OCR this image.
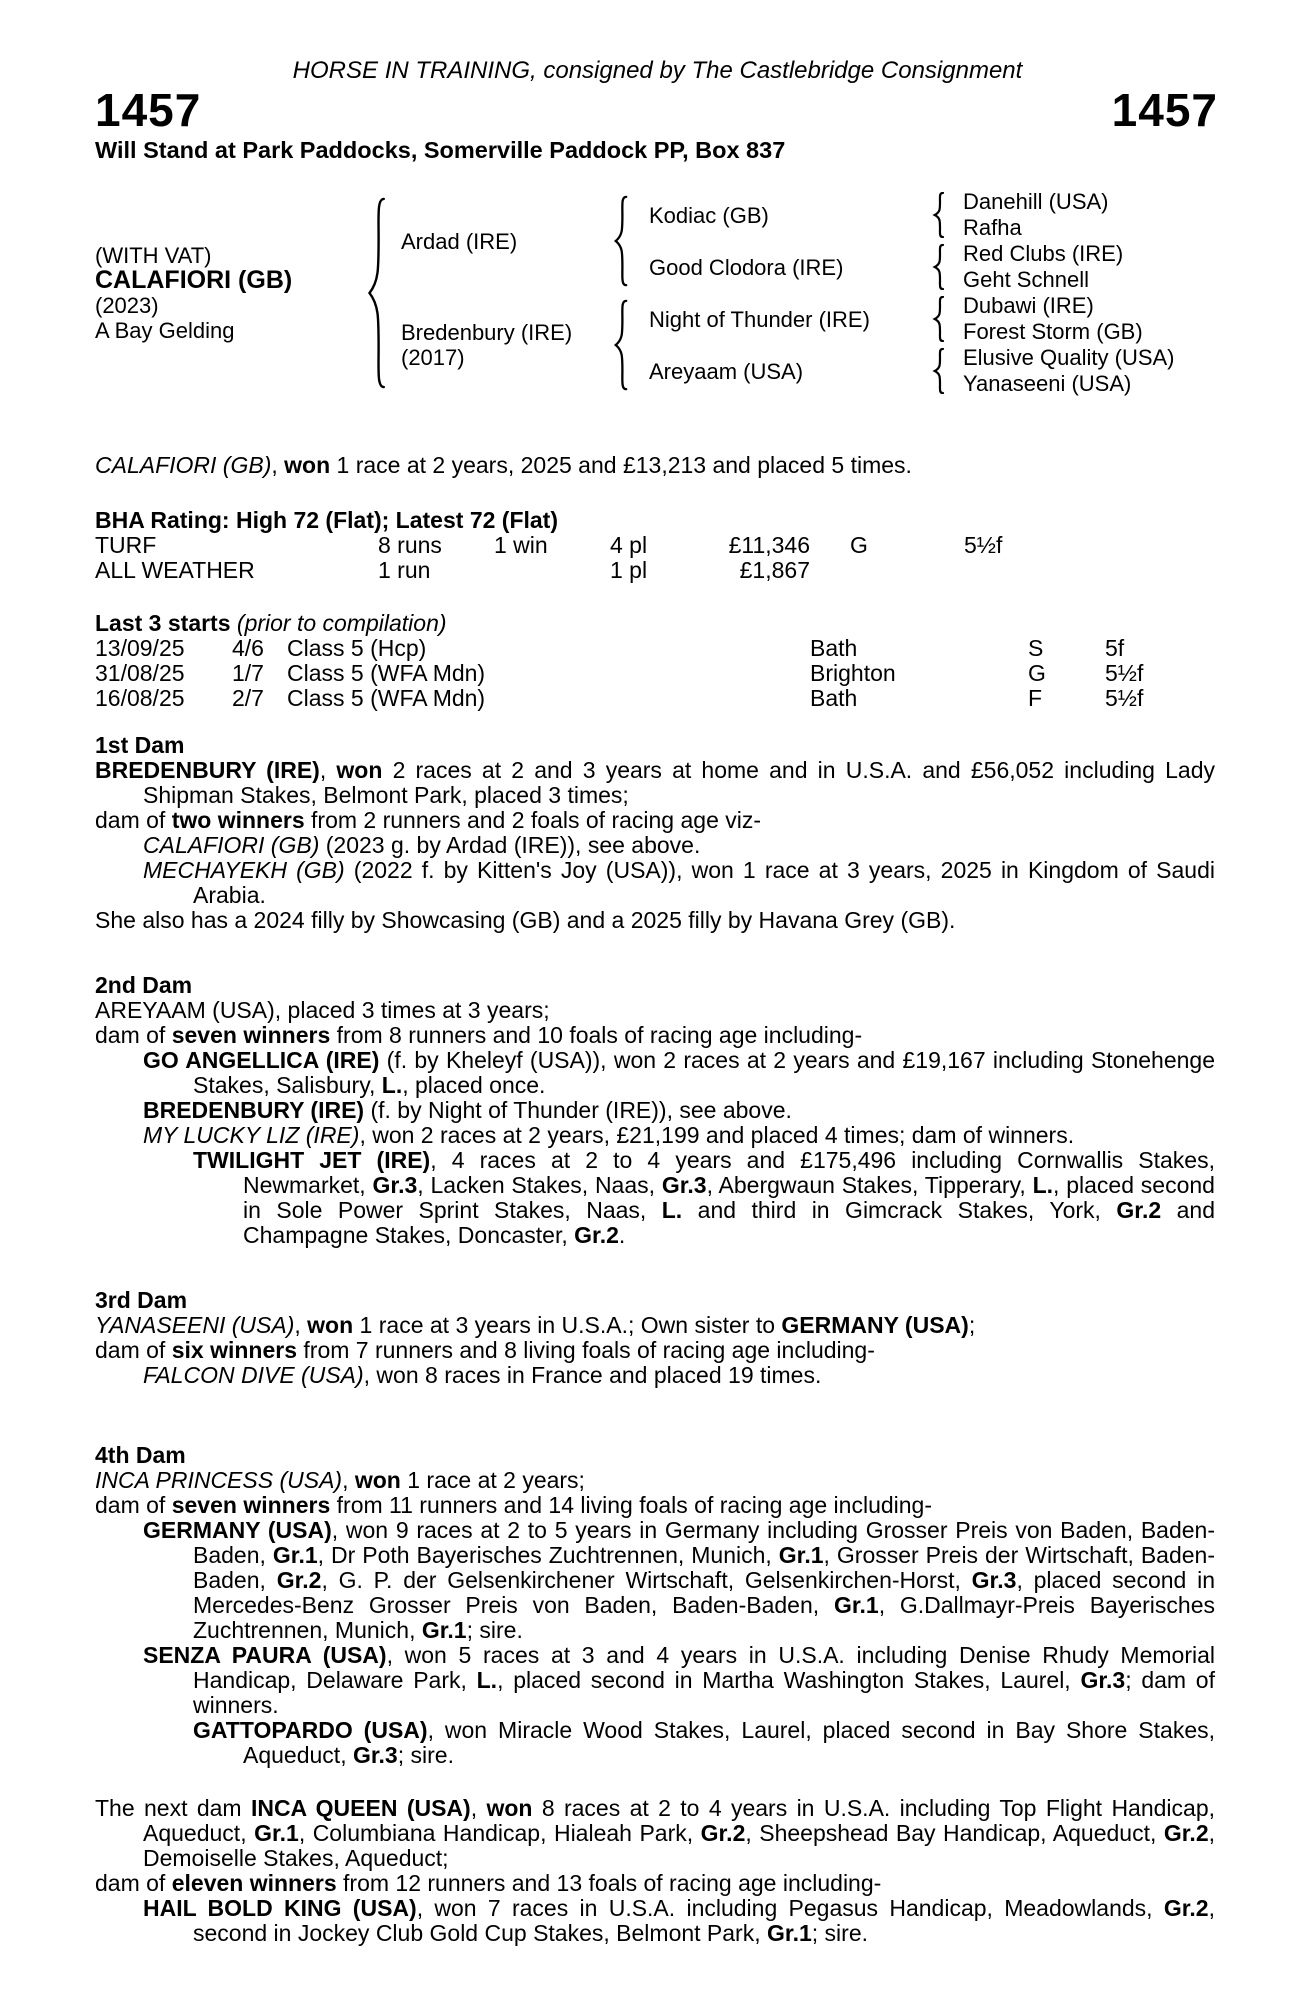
HORSE IN TRAINING, consigned by The Castlebridge Consignment
1457	1457
Will Stand at Park Paddocks, Somerville Paddock PP, Box 837
(WITH VAT)
CALAFIORI (GB)
(2023)
A Bay Gelding
Ardad (IRE)
Bredenbury (IRE)
(2017)
Kodiac (GB)
Good Clodora (IRE)
Night of Thunder (IRE)
Areyaam (USA)
Danehill (USA)
Rafha
Red Clubs (IRE)
Geht Schnell
Dubawi (IRE)
Forest Storm (GB)
Elusive Quality (USA)
Yanaseeni (USA)
CALAFIORI (GB), won 1 race at 2 years, 2025 and £13,213 and placed 5 times.
BHA Rating: High 72 (Flat); Latest 72 (Flat)
TURF	8 runs 1 win	4 pl	£11,346 G	5½f
ALL WEATHER	1 run	1 pl	£1,867
Last 3 starts (prior to compilation)
13/09/25 4/6 Class 5 (Hcp)	Bath	S	5f
31/08/25 1/7 Class 5 (WFA Mdn)	Brighton	G	5½f
16/08/25 2/7 Class 5 (WFA Mdn)	Bath	F	5½f
1st Dam
BREDENBURY (IRE), won 2 races at 2 and 3 years at home and in U.S.A. and £56,052 including Lady Shipman Stakes, Belmont Park, placed 3 times;
dam of two winners from 2 runners and 2 foals of racing age viz-
CALAFIORI (GB) (2023 g. by Ardad (IRE)), see above.
MECHAYEKH (GB) (2022 f. by Kitten's Joy (USA)), won 1 race at 3 years, 2025 in Kingdom of Saudi Arabia.
She also has a 2024 filly by Showcasing (GB) and a 2025 filly by Havana Grey (GB).
2nd Dam
AREYAAM (USA), placed 3 times at 3 years;
dam of seven winners from 8 runners and 10 foals of racing age including-
GO ANGELLICA (IRE) (f. by Kheleyf (USA)), won 2 races at 2 years and £19,167 including Stonehenge Stakes, Salisbury, L., placed once.
BREDENBURY (IRE) (f. by Night of Thunder (IRE)), see above.
MY LUCKY LIZ (IRE), won 2 races at 2 years, £21,199 and placed 4 times; dam of winners.
TWILIGHT JET (IRE), 4 races at 2 to 4 years and £175,496 including Cornwallis Stakes, Newmarket, Gr.3, Lacken Stakes, Naas, Gr.3, Abergwaun Stakes, Tipperary, L., placed second in Sole Power Sprint Stakes, Naas, L. and third in Gimcrack Stakes, York, Gr.2 and Champagne Stakes, Doncaster, Gr.2.
3rd Dam
YANASEENI (USA), won 1 race at 3 years in U.S.A.; Own sister to GERMANY (USA);
dam of six winners from 7 runners and 8 living foals of racing age including-
FALCON DIVE (USA), won 8 races in France and placed 19 times.
4th Dam
INCA PRINCESS (USA), won 1 race at 2 years;
dam of seven winners from 11 runners and 14 living foals of racing age including-
GERMANY (USA), won 9 races at 2 to 5 years in Germany including Grosser Preis von Baden, Baden-Baden, Gr.1, Dr Poth Bayerisches Zuchtrennen, Munich, Gr.1, Grosser Preis der Wirtschaft, Baden-Baden, Gr.2, G. P. der Gelsenkirchener Wirtschaft, Gelsenkirchen-Horst, Gr.3, placed second in Mercedes-Benz Grosser Preis von Baden, Baden-Baden, Gr.1, G.Dallmayr-Preis Bayerisches Zuchtrennen, Munich, Gr.1; sire.
SENZA PAURA (USA), won 5 races at 3 and 4 years in U.S.A. including Denise Rhudy Memorial Handicap, Delaware Park, L., placed second in Martha Washington Stakes, Laurel, Gr.3; dam of winners.
GATTOPARDO (USA), won Miracle Wood Stakes, Laurel, placed second in Bay Shore Stakes, Aqueduct, Gr.3; sire.
The next dam INCA QUEEN (USA), won 8 races at 2 to 4 years in U.S.A. including Top Flight Handicap, Aqueduct, Gr.1, Columbiana Handicap, Hialeah Park, Gr.2, Sheepshead Bay Handicap, Aqueduct, Gr.2, Demoiselle Stakes, Aqueduct;
dam of eleven winners from 12 runners and 13 foals of racing age including-
HAIL BOLD KING (USA), won 7 races in U.S.A. including Pegasus Handicap, Meadowlands, Gr.2, second in Jockey Club Gold Cup Stakes, Belmont Park, Gr.1; sire.
